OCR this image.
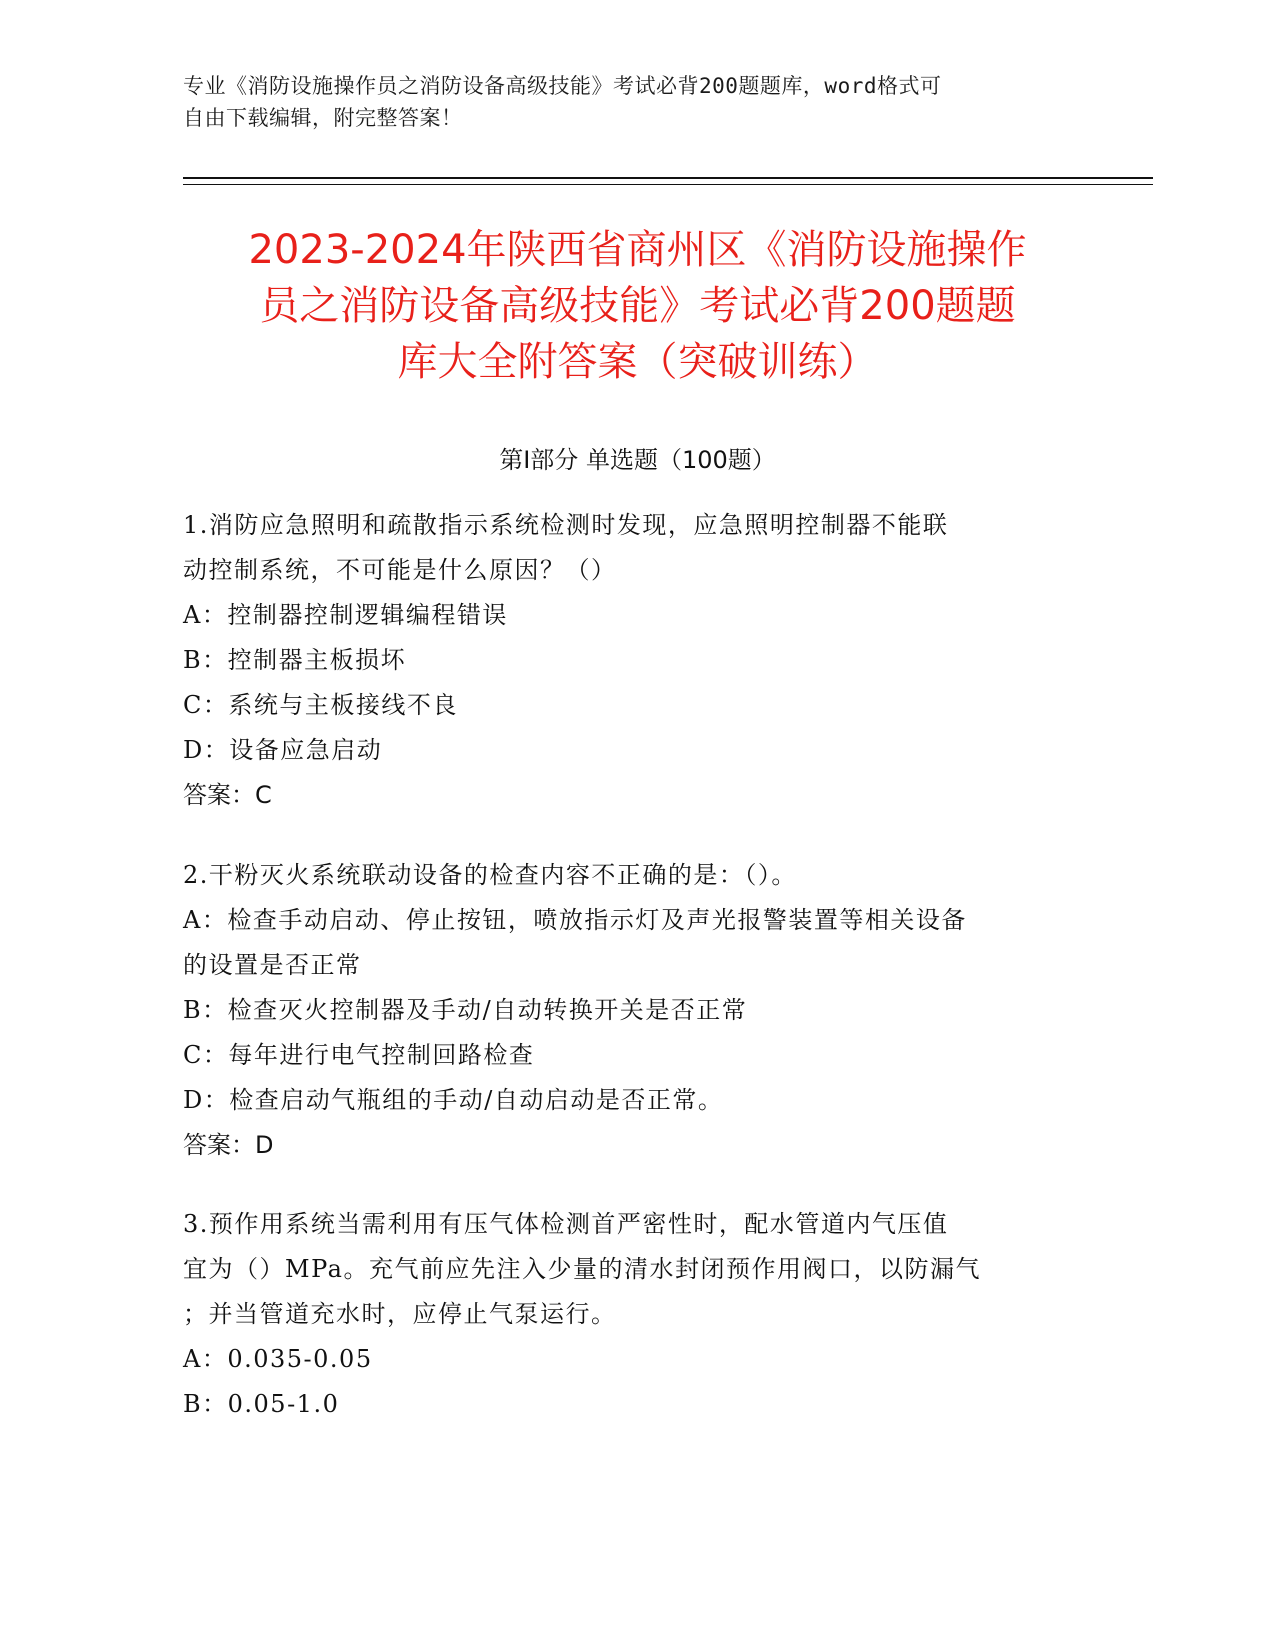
专业《消防设施操作员之消防设备高级技能》考试必背200题题库，word格式可
自由下载编辑，附完整答案！
2023-2024年陕西省商州区《消防设施操作
员之消防设备高级技能》考试必背200题题
库大全附答案（突破训练）
第Ⅰ部分 单选题（100题）

1.消防应急照明和疏散指示系统检测时发现，应急照明控制器不能联

动控制系统，不可能是什么原因？（）

A：控制器控制逻辑编程错误

B：控制器主板损坏

C：系统与主板接线不良

D：设备应急启动

答案：C

2.干粉灭火系统联动设备的检查内容不正确的是：（）。

A：检查手动启动、停止按钮，喷放指示灯及声光报警装置等相关设备

的设置是否正常

B：检查灭火控制器及手动/自动转换开关是否正常

C：每年进行电气控制回路检查

D：检查启动气瓶组的手动/自动启动是否正常。

答案：D

3.预作用系统当需利用有压气体检测首严密性时，配水管道内气压值

宜为（）MPa。充气前应先注入少量的清水封闭预作用阀口，以防漏气

；并当管道充水时，应停止气泵运行。

A：0.035-0.05

B：0.05-1.0
